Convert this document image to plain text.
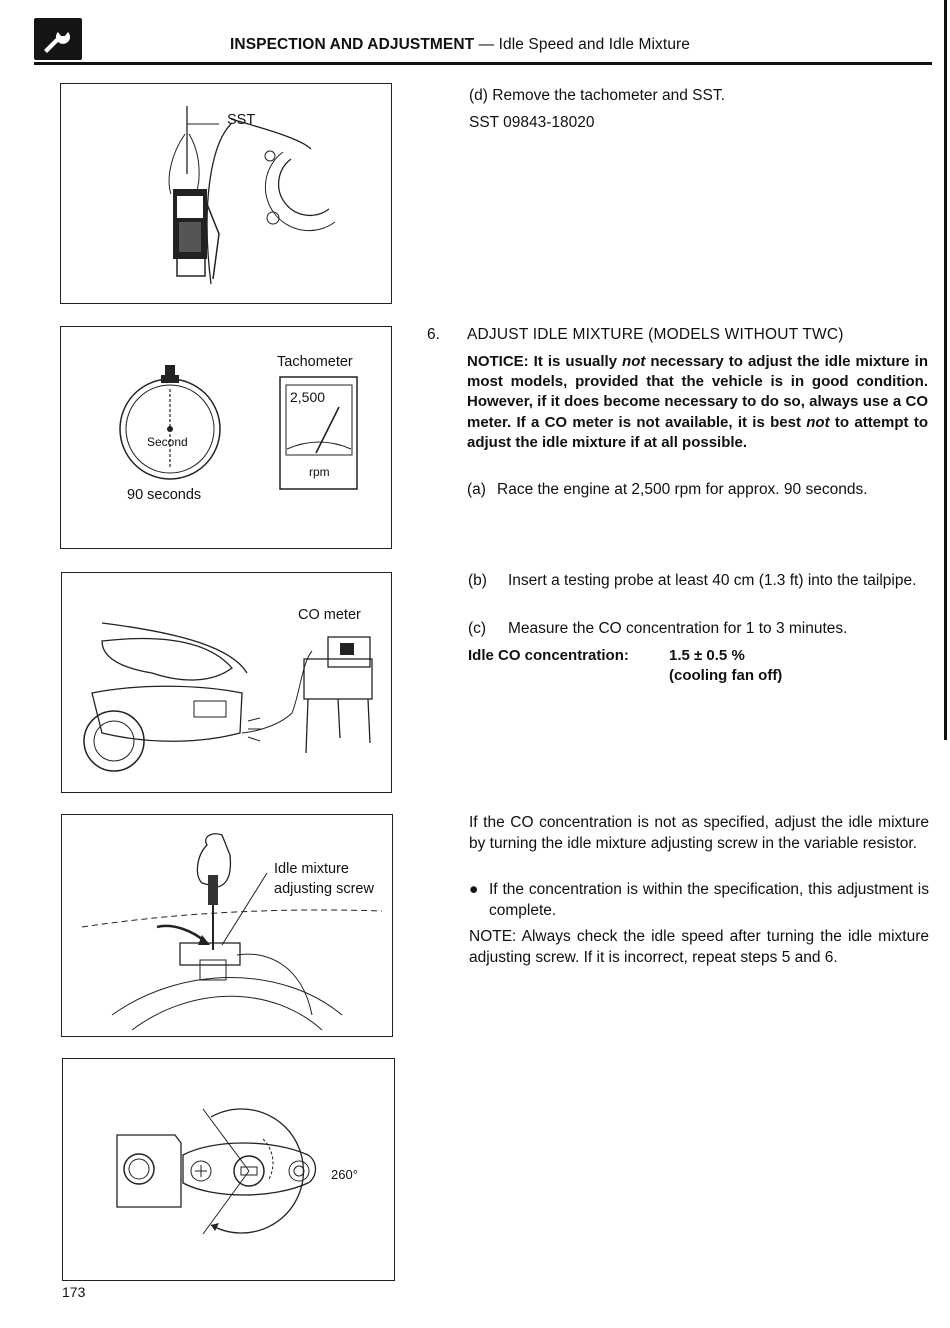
INSPECTION AND ADJUSTMENT — Idle Speed and Idle Mixture
SST
Tachometer
2,500
rpm
Second
90 seconds
CO meter
Idle mixture
adjusting screw
260°
(d) Remove the tachometer and SST.
SST 09843-18020
6. ADJUST IDLE MIXTURE (MODELS WITHOUT TWC)
NOTICE: It is usually not necessary to adjust the idle mixture in most models, provided that the vehicle is in good condition. However, if it does become necessary to do so, always use a CO meter. If a CO meter is not available, it is best not to attempt to adjust the idle mixture if at all possible.
(a) Race the engine at 2,500 rpm for approx. 90 seconds.
(b) Insert a testing probe at least 40 cm (1.3 ft) into the tailpipe.
(c) Measure the CO concentration for 1 to 3 minutes.
Idle CO concentration:	1.5 ± 0.5 %
(cooling fan off)
If the CO concentration is not as specified, adjust the idle mixture by turning the idle mixture adjusting screw in the variable resistor.
● If the concentration is within the specification, this adjustment is complete.
NOTE: Always check the idle speed after turning the idle mixture adjusting screw. If it is incorrect, repeat steps 5 and 6.
173
